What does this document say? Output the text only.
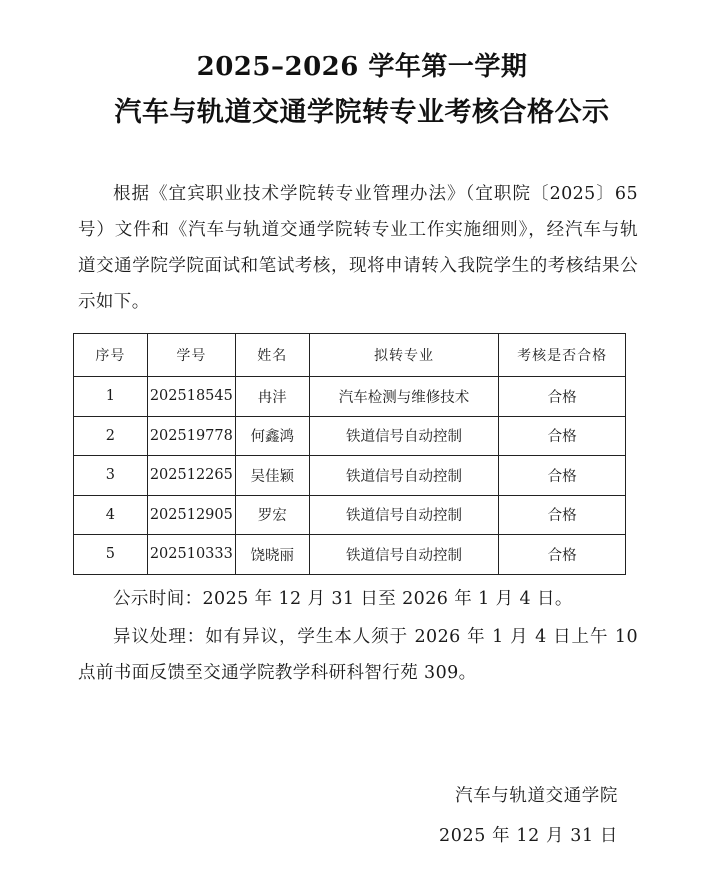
2025–2026 学年第一学期
汽车与轨道交通学院转专业考核合格公示
根据《宜宾职业技术学院转专业管理办法》（宜职院〔2025〕65 号）文件和《汽车与轨道交通学院转专业工作实施细则》，经汽车与轨道交通学院学院面试和笔试考核，现将申请转入我院学生的考核结果公示如下。
序号	学号	姓名	拟转专业	考核是否合格
1	202518545	冉沣	汽车检测与维修技术	合格
2	202519778	何鑫鸿	铁道信号自动控制	合格
3	202512265	吴佳颖	铁道信号自动控制	合格
4	202512905	罗宏	铁道信号自动控制	合格
5	202510333	饶晓丽	铁道信号自动控制	合格
公示时间：2025 年 12 月 31 日至 2026 年 1 月 4 日。
异议处理：如有异议，学生本人须于 2026 年 1 月 4 日上午 10 点前书面反馈至交通学院教学科研科智行苑 309。
汽车与轨道交通学院
2025 年 12 月 31 日
